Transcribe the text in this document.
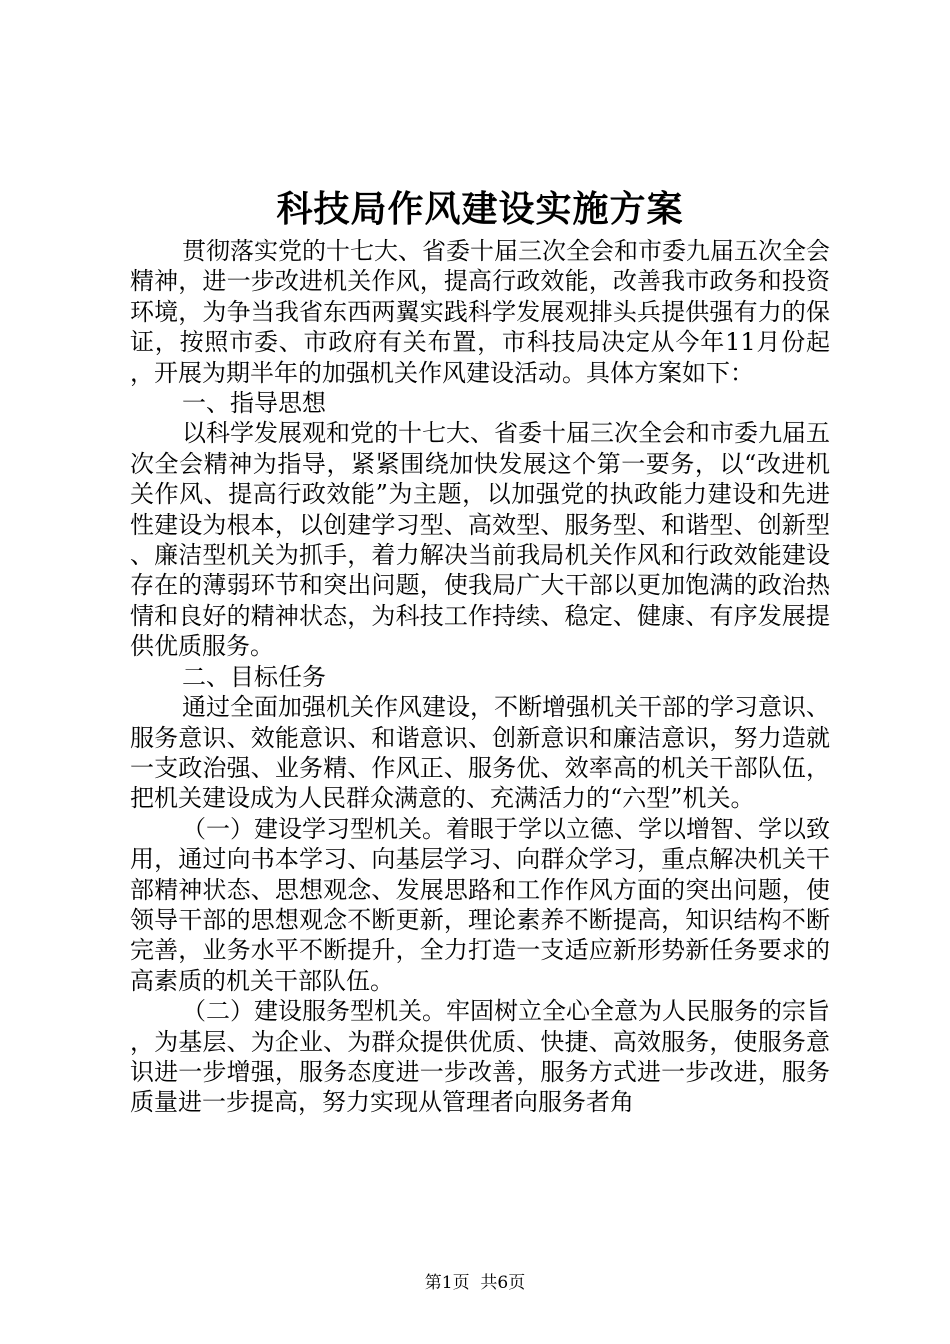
科技局作风建设实施方案

贯彻落实党的十七大、省委十届三次全会和市委九届五次全会精神，进一步改进机关作风，提高行政效能，改善我市政务和投资环境，为争当我省东西两翼实践科学发展观排头兵提供强有力的保证，按照市委、市政府有关布置，市科技局决定从今年11月份起，开展为期半年的加强机关作风建设活动。具体方案如下：

一、指导思想

以科学发展观和党的十七大、省委十届三次全会和市委九届五次全会精神为指导，紧紧围绕加快发展这个第一要务，以“改进机关作风、提高行政效能”为主题，以加强党的执政能力建设和先进性建设为根本，以创建学习型、高效型、服务型、和谐型、创新型、廉洁型机关为抓手，着力解决当前我局机关作风和行政效能建设存在的薄弱环节和突出问题，使我局广大干部以更加饱满的政治热情和良好的精神状态，为科技工作持续、稳定、健康、有序发展提供优质服务。

二、目标任务

通过全面加强机关作风建设，不断增强机关干部的学习意识、服务意识、效能意识、和谐意识、创新意识和廉洁意识，努力造就一支政治强、业务精、作风正、服务优、效率高的机关干部队伍，把机关建设成为人民群众满意的、充满活力的“六型”机关。

（一）建设学习型机关。着眼于学以立德、学以增智、学以致用，通过向书本学习、向基层学习、向群众学习，重点解决机关干部精神状态、思想观念、发展思路和工作作风方面的突出问题，使领导干部的思想观念不断更新，理论素养不断提高，知识结构不断完善，业务水平不断提升，全力打造一支适应新形势新任务要求的高素质的机关干部队伍。

（二）建设服务型机关。牢固树立全心全意为人民服务的宗旨，为基层、为企业、为群众提供优质、快捷、高效服务，使服务意识进一步增强，服务态度进一步改善，服务方式进一步改进，服务质量进一步提高，努力实现从管理者向服务者角

第1页 共6页
